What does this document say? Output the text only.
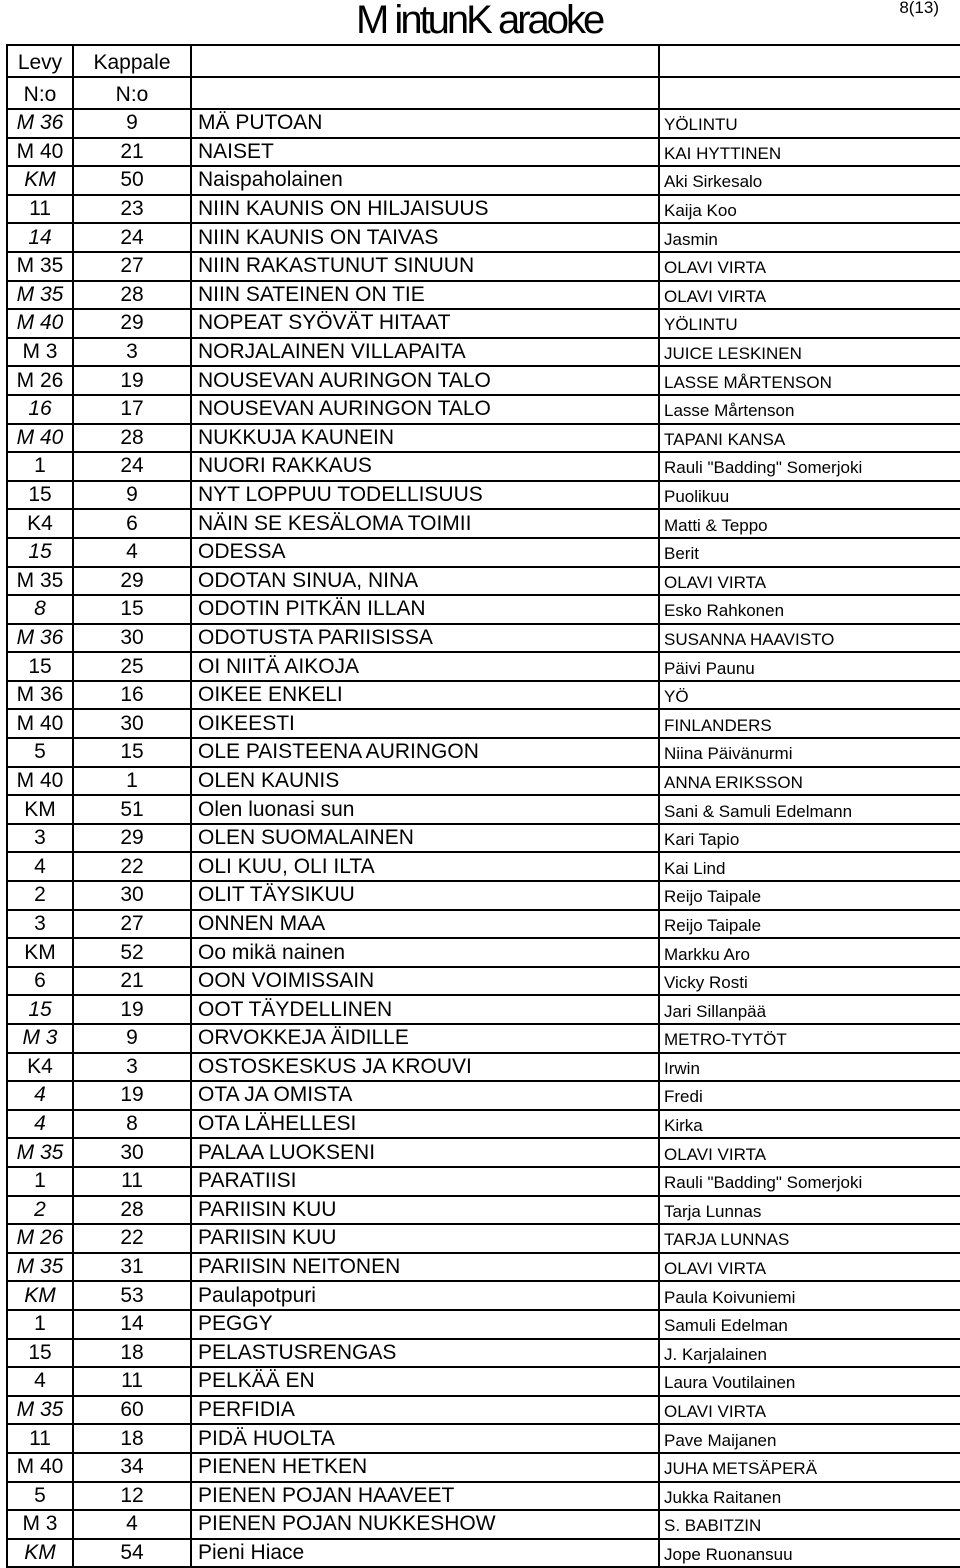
M intunK araoke	8(13)
Levy	Kappale		
N:o	N:o		
M 36	9	MÄ PUTOAN	YÖLINTU
M 40	21	NAISET	KAI HYTTINEN
KM	50	Naispaholainen	Aki Sirkesalo
11	23	NIIN KAUNIS ON HILJAISUUS	Kaija Koo
14	24	NIIN KAUNIS ON TAIVAS	Jasmin
M 35	27	NIIN RAKASTUNUT SINUUN	OLAVI VIRTA
M 35	28	NIIN SATEINEN ON TIE	OLAVI VIRTA
M 40	29	NOPEAT SYÖVÄT HITAAT	YÖLINTU
M 3	3	NORJALAINEN VILLAPAITA	JUICE LESKINEN
M 26	19	NOUSEVAN AURINGON TALO	LASSE MÅRTENSON
16	17	NOUSEVAN AURINGON TALO	Lasse Mårtenson
M 40	28	NUKKUJA KAUNEIN	TAPANI KANSA
1	24	NUORI RAKKAUS	Rauli "Badding" Somerjoki
15	9	NYT LOPPUU TODELLISUUS	Puolikuu
K4	6	NÄIN SE KESÄLOMA TOIMII	Matti & Teppo
15	4	ODESSA	Berit
M 35	29	ODOTAN SINUA, NINA	OLAVI VIRTA
8	15	ODOTIN PITKÄN ILLAN	Esko Rahkonen
M 36	30	ODOTUSTA PARIISISSA	SUSANNA HAAVISTO
15	25	OI NIITÄ AIKOJA	Päivi Paunu
M 36	16	OIKEE ENKELI	YÖ
M 40	30	OIKEESTI	FINLANDERS
5	15	OLE PAISTEENA AURINGON	Niina Päivänurmi
M 40	1	OLEN KAUNIS	ANNA ERIKSSON
KM	51	Olen luonasi sun	Sani & Samuli Edelmann
3	29	OLEN SUOMALAINEN	Kari Tapio
4	22	OLI KUU, OLI ILTA	Kai Lind
2	30	OLIT TÄYSIKUU	Reijo Taipale
3	27	ONNEN MAA	Reijo Taipale
KM	52	Oo mikä nainen	Markku Aro
6	21	OON VOIMISSAIN	Vicky Rosti
15	19	OOT TÄYDELLINEN	Jari Sillanpää
M 3	9	ORVOKKEJA ÄIDILLE	METRO-TYTÖT
K4	3	OSTOSKESKUS JA KROUVI	Irwin
4	19	OTA JA OMISTA	Fredi
4	8	OTA LÄHELLESI	Kirka
M 35	30	PALAA LUOKSENI	OLAVI VIRTA
1	11	PARATIISI	Rauli "Badding" Somerjoki
2	28	PARIISIN KUU	Tarja Lunnas
M 26	22	PARIISIN KUU	TARJA LUNNAS
M 35	31	PARIISIN NEITONEN	OLAVI VIRTA
KM	53	Paulapotpuri	Paula Koivuniemi
1	14	PEGGY	Samuli Edelman
15	18	PELASTUSRENGAS	J. Karjalainen
4	11	PELKÄÄ EN	Laura Voutilainen
M 35	60	PERFIDIA	OLAVI VIRTA
11	18	PIDÄ HUOLTA	Pave Maijanen
M 40	34	PIENEN HETKEN	JUHA METSÄPERÄ
5	12	PIENEN POJAN HAAVEET	Jukka Raitanen
M 3	4	PIENEN POJAN NUKKESHOW	S. BABITZIN
KM	54	Pieni Hiace	Jope Ruonansuu
